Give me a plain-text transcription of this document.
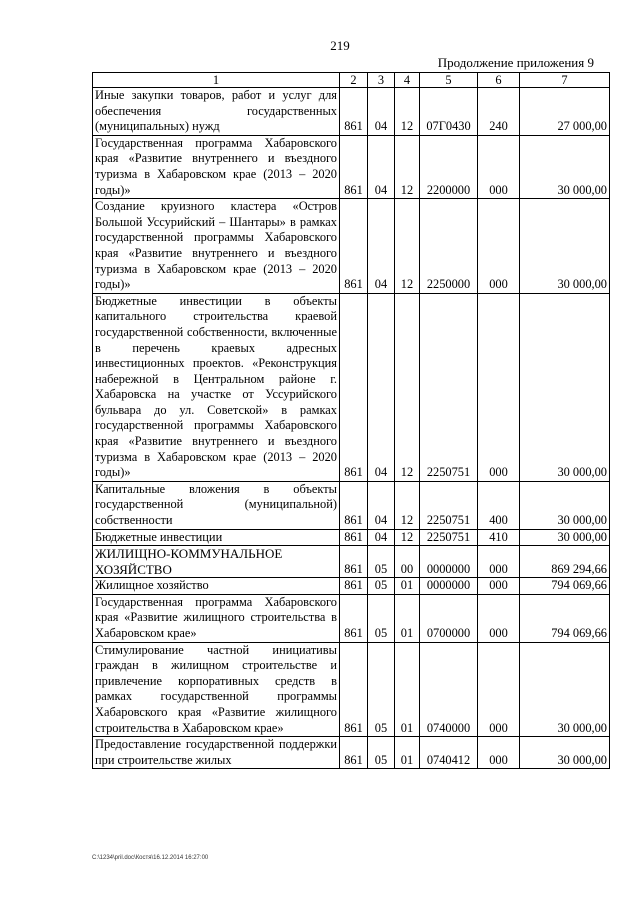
219
Продолжение приложения 9
1	2	3	4	5	6	7
Иные закупки товаров, работ и услуг для обеспечения государственных (муниципальных) нужд	861	04	12	07Г0430	240	27 000,00
Государственная программа Хабаровского края «Развитие внутреннего и въездного туризма в Хабаровском крае (2013 – 2020 годы)»	861	04	12	2200000	000	30 000,00
Создание круизного кластера «Остров Большой Уссурийский – Шантары» в рамках государственной программы Хабаровского края «Развитие внутреннего и въездного туризма в Хабаровском крае (2013 – 2020 годы)»	861	04	12	2250000	000	30 000,00
Бюджетные инвестиции в объекты капитального строительства краевой государственной собственности, включенные в перечень краевых адресных инвестиционных проектов. «Реконструкция набережной в Центральном районе г. Хабаровска на участке от Уссурийского бульвара до ул. Советской» в рамках государственной программы Хабаровского края «Развитие внутреннего и въездного туризма в Хабаровском крае (2013 – 2020 годы)»	861	04	12	2250751	000	30 000,00
Капитальные вложения в объекты государственной (муниципальной) собственности	861	04	12	2250751	400	30 000,00
Бюджетные инвестиции	861	04	12	2250751	410	30 000,00
ЖИЛИЩНО-КОММУНАЛЬНОЕ ХОЗЯЙСТВО	861	05	00	0000000	000	869 294,66
Жилищное хозяйство	861	05	01	0000000	000	794 069,66
Государственная программа Хабаровского края «Развитие жилищного строительства в Хабаровском крае»	861	05	01	0700000	000	794 069,66
Стимулирование частной инициативы граждан в жилищном строительстве и привлечение корпоративных средств в рамках государственной программы Хабаровского края «Развитие жилищного строительства в Хабаровском крае»	861	05	01	0740000	000	30 000,00
Предоставление государственной поддержки при строительстве жилых	861	05	01	0740412	000	30 000,00
C:\1234\pril.doc\Костя\16.12.2014 16:27:00
